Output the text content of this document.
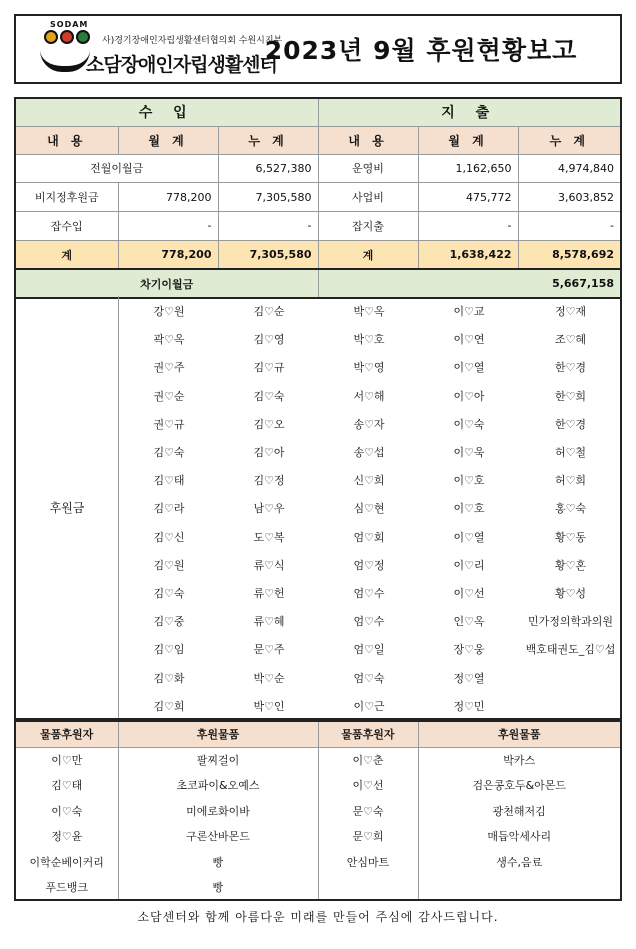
SODAM
사)경기장애인자립생활센터협의회 수원시지부
소담장애인자립생활센터
2023년 9월 후원현황보고
수 입			지 출		
내 용	월 계	누 계	내 용	월 계	누 계
전월이월금		6,527,380	운영비	1,162,650	4,974,840
비지정후원금	778,200	7,305,580	사업비	475,772	3,603,852
잡수입	-	-	잡지출	-	-
계	778,200	7,305,580	계	1,638,422	8,578,692
차기이월금			5,667,158		
후원금
강♡원	김♡순	박♡옥	이♡교	정♡재
곽♡옥	김♡영	박♡호	이♡연	조♡혜
권♡주	김♡규	박♡영	이♡열	한♡경
권♡순	김♡숙	서♡해	이♡아	한♡희
권♡규	김♡오	송♡자	이♡숙	한♡경
김♡숙	김♡아	송♡섭	이♡욱	허♡철
김♡태	김♡정	신♡희	이♡호	허♡희
김♡라	남♡우	심♡현	이♡호	홍♡숙
김♡신	도♡복	엄♡회	이♡열	황♡동
김♡원	류♡식	엄♡정	이♡리	황♡혼
김♡숙	류♡헌	엄♡수	이♡선	황♡성
김♡중	류♡혜	엄♡수	인♡옥	민가정의학과의원
김♡임	문♡주	엄♡일	장♡웅	백호태권도_김♡섭
김♡화	박♡순	엄♡숙	정♡열
김♡희	박♡인	이♡근	정♡민
물품후원자	후원물품	물품후원자	후원물품
이♡만	팔찌걸이	이♡춘	박카스
김♡태	초코파이&오예스	이♡선	검은콩호두&아몬드
이♡숙	미에로화이바	문♡숙	광천해저김
정♡윤	구론산바몬드	문♡희	매듭악세사리
이학순베이커리	빵	안심마트	생수,음료
푸드뱅크	빵		
소담센터와 함께 아름다운 미래를 만들어 주심에 감사드립니다.
